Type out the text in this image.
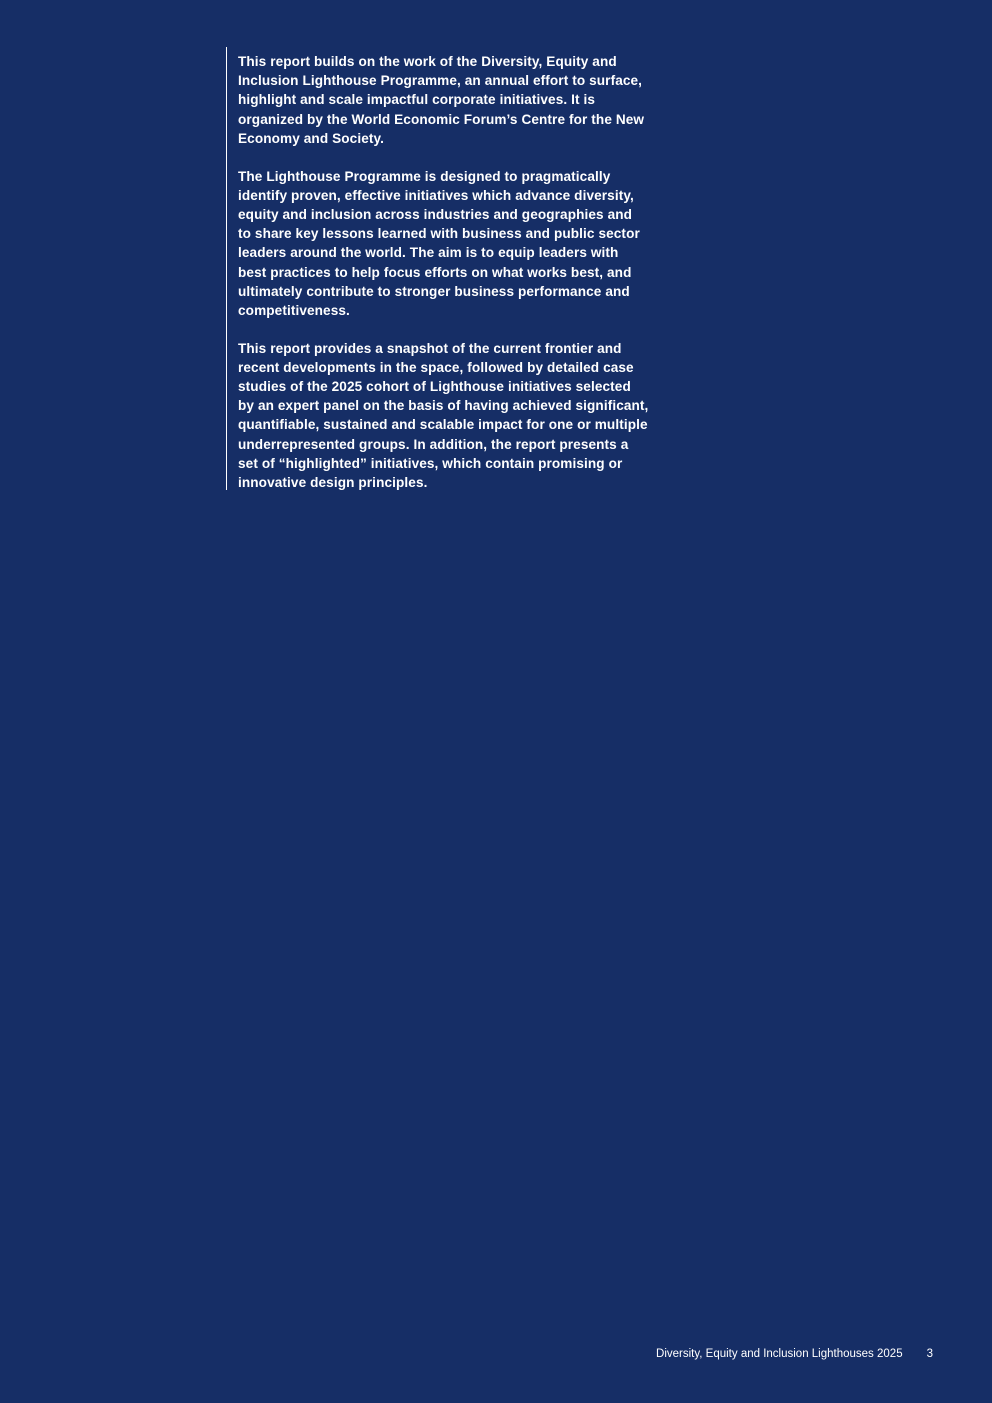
This report builds on the work of the Diversity, Equity and
Inclusion Lighthouse Programme, an annual effort to surface,
highlight and scale impactful corporate initiatives. It is
organized by the World Economic Forum’s Centre for the New
Economy and Society.

The Lighthouse Programme is designed to pragmatically
identify proven, effective initiatives which advance diversity,
equity and inclusion across industries and geographies and
to share key lessons learned with business and public sector
leaders around the world. The aim is to equip leaders with
best practices to help focus efforts on what works best, and
ultimately contribute to stronger business performance and
competitiveness.

This report provides a snapshot of the current frontier and
recent developments in the space, followed by detailed case
studies of the 2025 cohort of Lighthouse initiatives selected
by an expert panel on the basis of having achieved significant,
quantifiable, sustained and scalable impact for one or multiple
underrepresented groups. In addition, the report presents a
set of “highlighted” initiatives, which contain promising or
innovative design principles.

Diversity, Equity and Inclusion Lighthouses 2025 3
